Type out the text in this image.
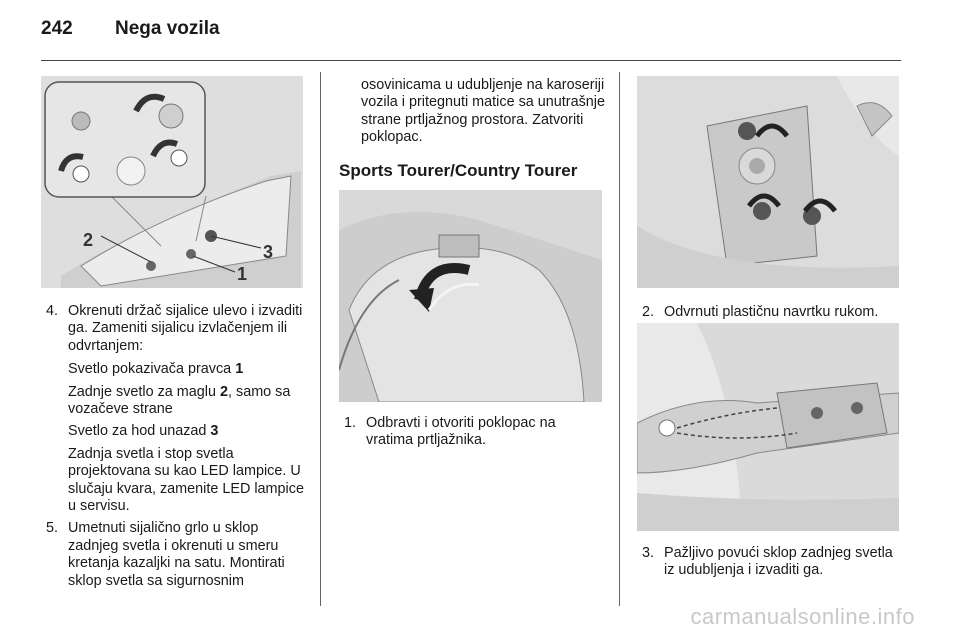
242 Nega vozila
2
3
1
4. Okrenuti držač sijalice ulevo i izvaditi ga. Zameniti sijalicu izvlačenjem ili odvrtanjem:
Svetlo pokazivača pravca 1
Zadnje svetlo za maglu 2, samo sa vozačeve strane
Svetlo za hod unazad 3
Zadnja svetla i stop svetla projektovana su kao LED lampice. U slučaju kvara, zamenite LED lampice u servisu.
5. Umetnuti sijalično grlo u sklop zadnjeg svetla i okrenuti u smeru kretanja kazaljki na satu. Montirati sklop svetla sa sigurnosnim

osovinicama u udubljenje na karoseriji vozila i pritegnuti matice sa unutrašnje strane prtljažnog prostora. Zatvoriti poklopac.

Sports Tourer/Country Tourer
1. Odbravti i otvoriti poklopac na vratima prtljažnika.
2. Odvrnuti plastičnu navrtku rukom.
3. Pažljivo povući sklop zadnjeg svetla iz udubljenja i izvaditi ga.
carmanualsonline.info
